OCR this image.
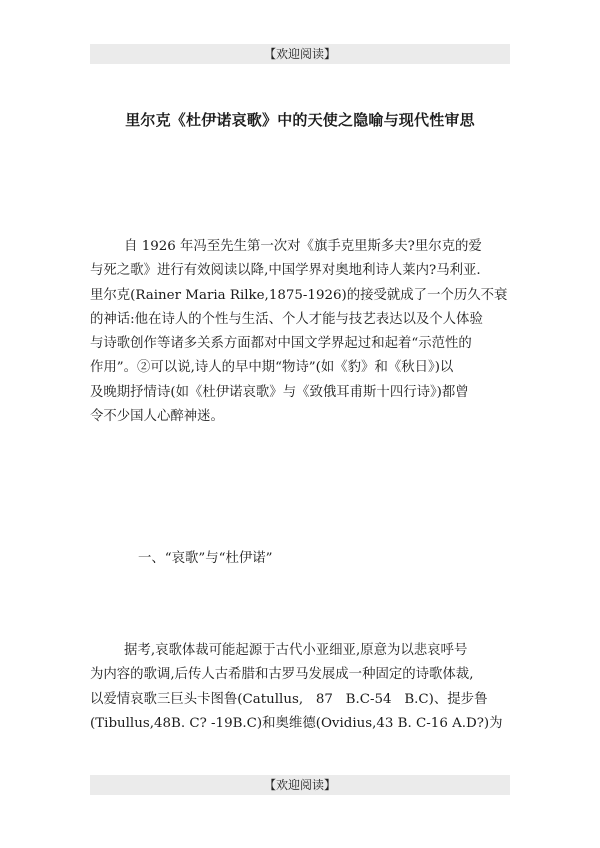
【欢迎阅读】
里尔克《杜伊诺哀歌》中的天使之隐喻与现代性审思
自 1926 年冯至先生第一次对《旗手克里斯多夫?里尔克的爱
与死之歌》进行有效阅读以降,中国学界对奥地利诗人莱内?马利亚.
里尔克(Rainer Maria Rilke,1875-1926)的接受就成了一个历久不衰
的神话:他在诗人的个性与生活、个人才能与技艺表达以及个人体验
与诗歌创作等诸多关系方面都对中国文学界起过和起着“示范性的
作用”。②可以说,诗人的早中期“物诗”(如《豹》和《秋日》)以
及晚期抒情诗(如《杜伊诺哀歌》与《致俄耳甫斯十四行诗》)都曾
令不少国人心醉神迷。
一、“哀歌”与“杜伊诺”
据考,哀歌体裁可能起源于古代小亚细亚,原意为以悲哀呼号
为内容的歌调,后传人古希腊和古罗马发展成一种固定的诗歌体裁,
以爱情哀歌三巨头卡图鲁(Catullus,   87   B.C-54   B.C)、提步鲁
(Tibullus,48B. C? -19B.C)和奥维德(Ovidius,43 B. C-16 A.D?)为
【欢迎阅读】
